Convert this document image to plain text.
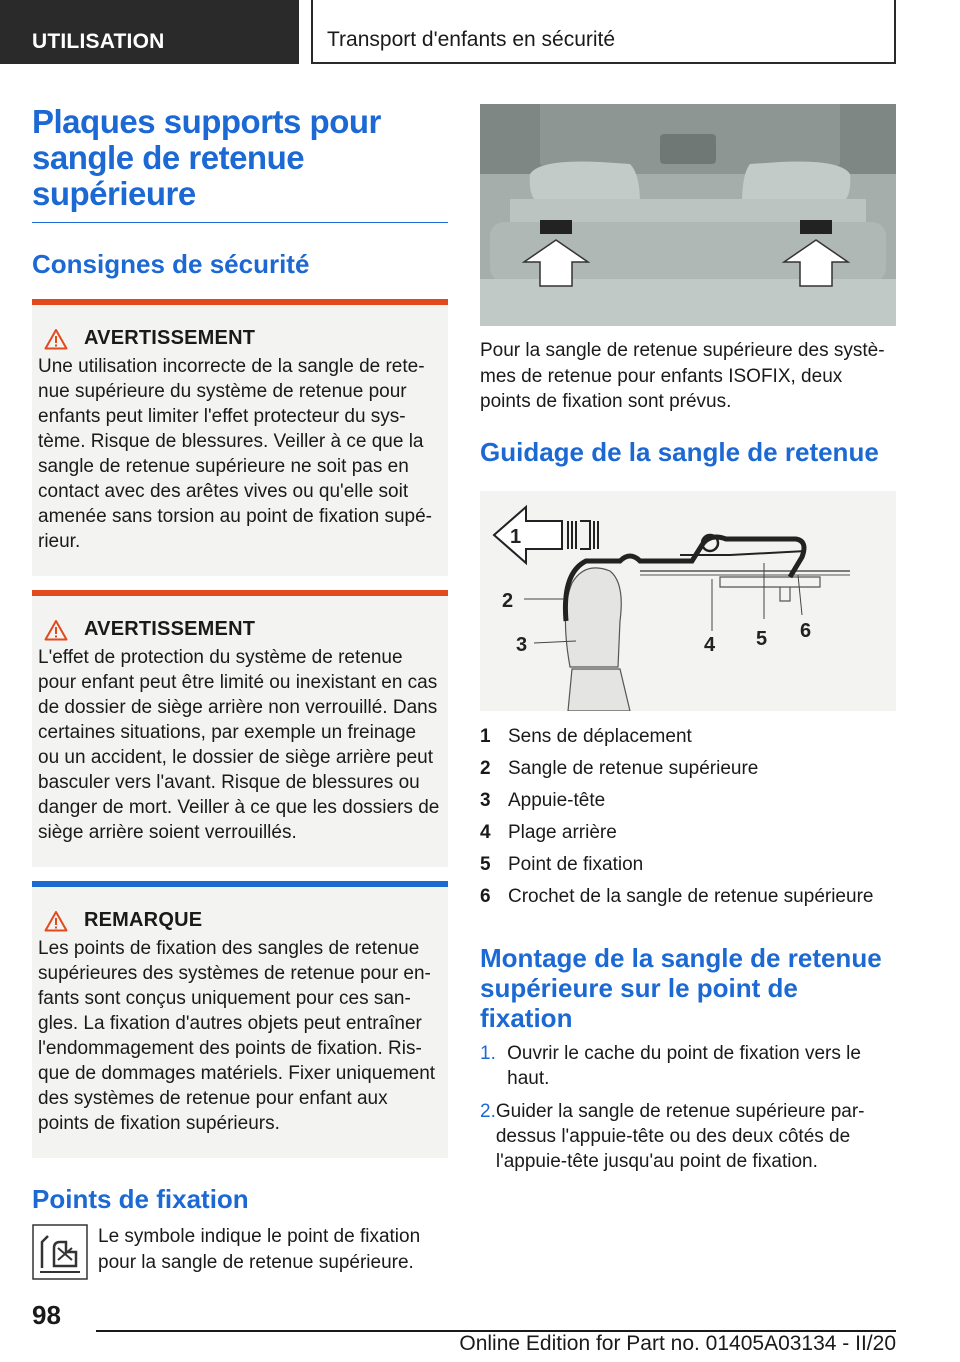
UTILISATION	Transport d'enfants en sécurité
Plaques supports pour sangle de retenue supérieure
Consignes de sécurité
AVERTISSEMENT
Une utilisation incorrecte de la sangle de rete-nue supérieure du système de retenue pour enfants peut limiter l'effet protecteur du sys-tème. Risque de blessures. Veiller à ce que la sangle de retenue supérieure ne soit pas en contact avec des arêtes vives ou qu'elle soit amenée sans torsion au point de fixation supé-rieur.
AVERTISSEMENT
L'effet de protection du système de retenue pour enfant peut être limité ou inexistant en cas de dossier de siège arrière non verrouillé. Dans certaines situations, par exemple un freinage ou un accident, le dossier de siège arrière peut basculer vers l'avant. Risque de blessures ou danger de mort. Veiller à ce que les dossiers de siège arrière soient verrouillés.
REMARQUE
Les points de fixation des sangles de retenue supérieures des systèmes de retenue pour en-fants sont conçus uniquement pour ces san-gles. La fixation d'autres objets peut entraîner l'endommagement des points de fixation. Ris-que de dommages matériels. Fixer uniquement des systèmes de retenue pour enfant aux points de fixation supérieurs.
Points de fixation

Le symbole indique le point de fixation pour la sangle de retenue supérieure.

Pour la sangle de retenue supérieure des systè-mes de retenue pour enfants ISOFIX, deux points de fixation sont prévus.

Guidage de la sangle de retenue
1
2
3	4 5 6
1 Sens de déplacement
2 Sangle de retenue supérieure
3 Appuie-tête
4 Plage arrière
5 Point de fixation
6 Crochet de la sangle de retenue supérieure
Montage de la sangle de retenue supérieure sur le point de fixation
1. Ouvrir le cache du point de fixation vers le haut.
2. Guider la sangle de retenue supérieure par-dessus l'appuie-tête ou des deux côtés de l'appuie-tête jusqu'au point de fixation.
98
Online Edition for Part no. 01405A03134 - II/20
